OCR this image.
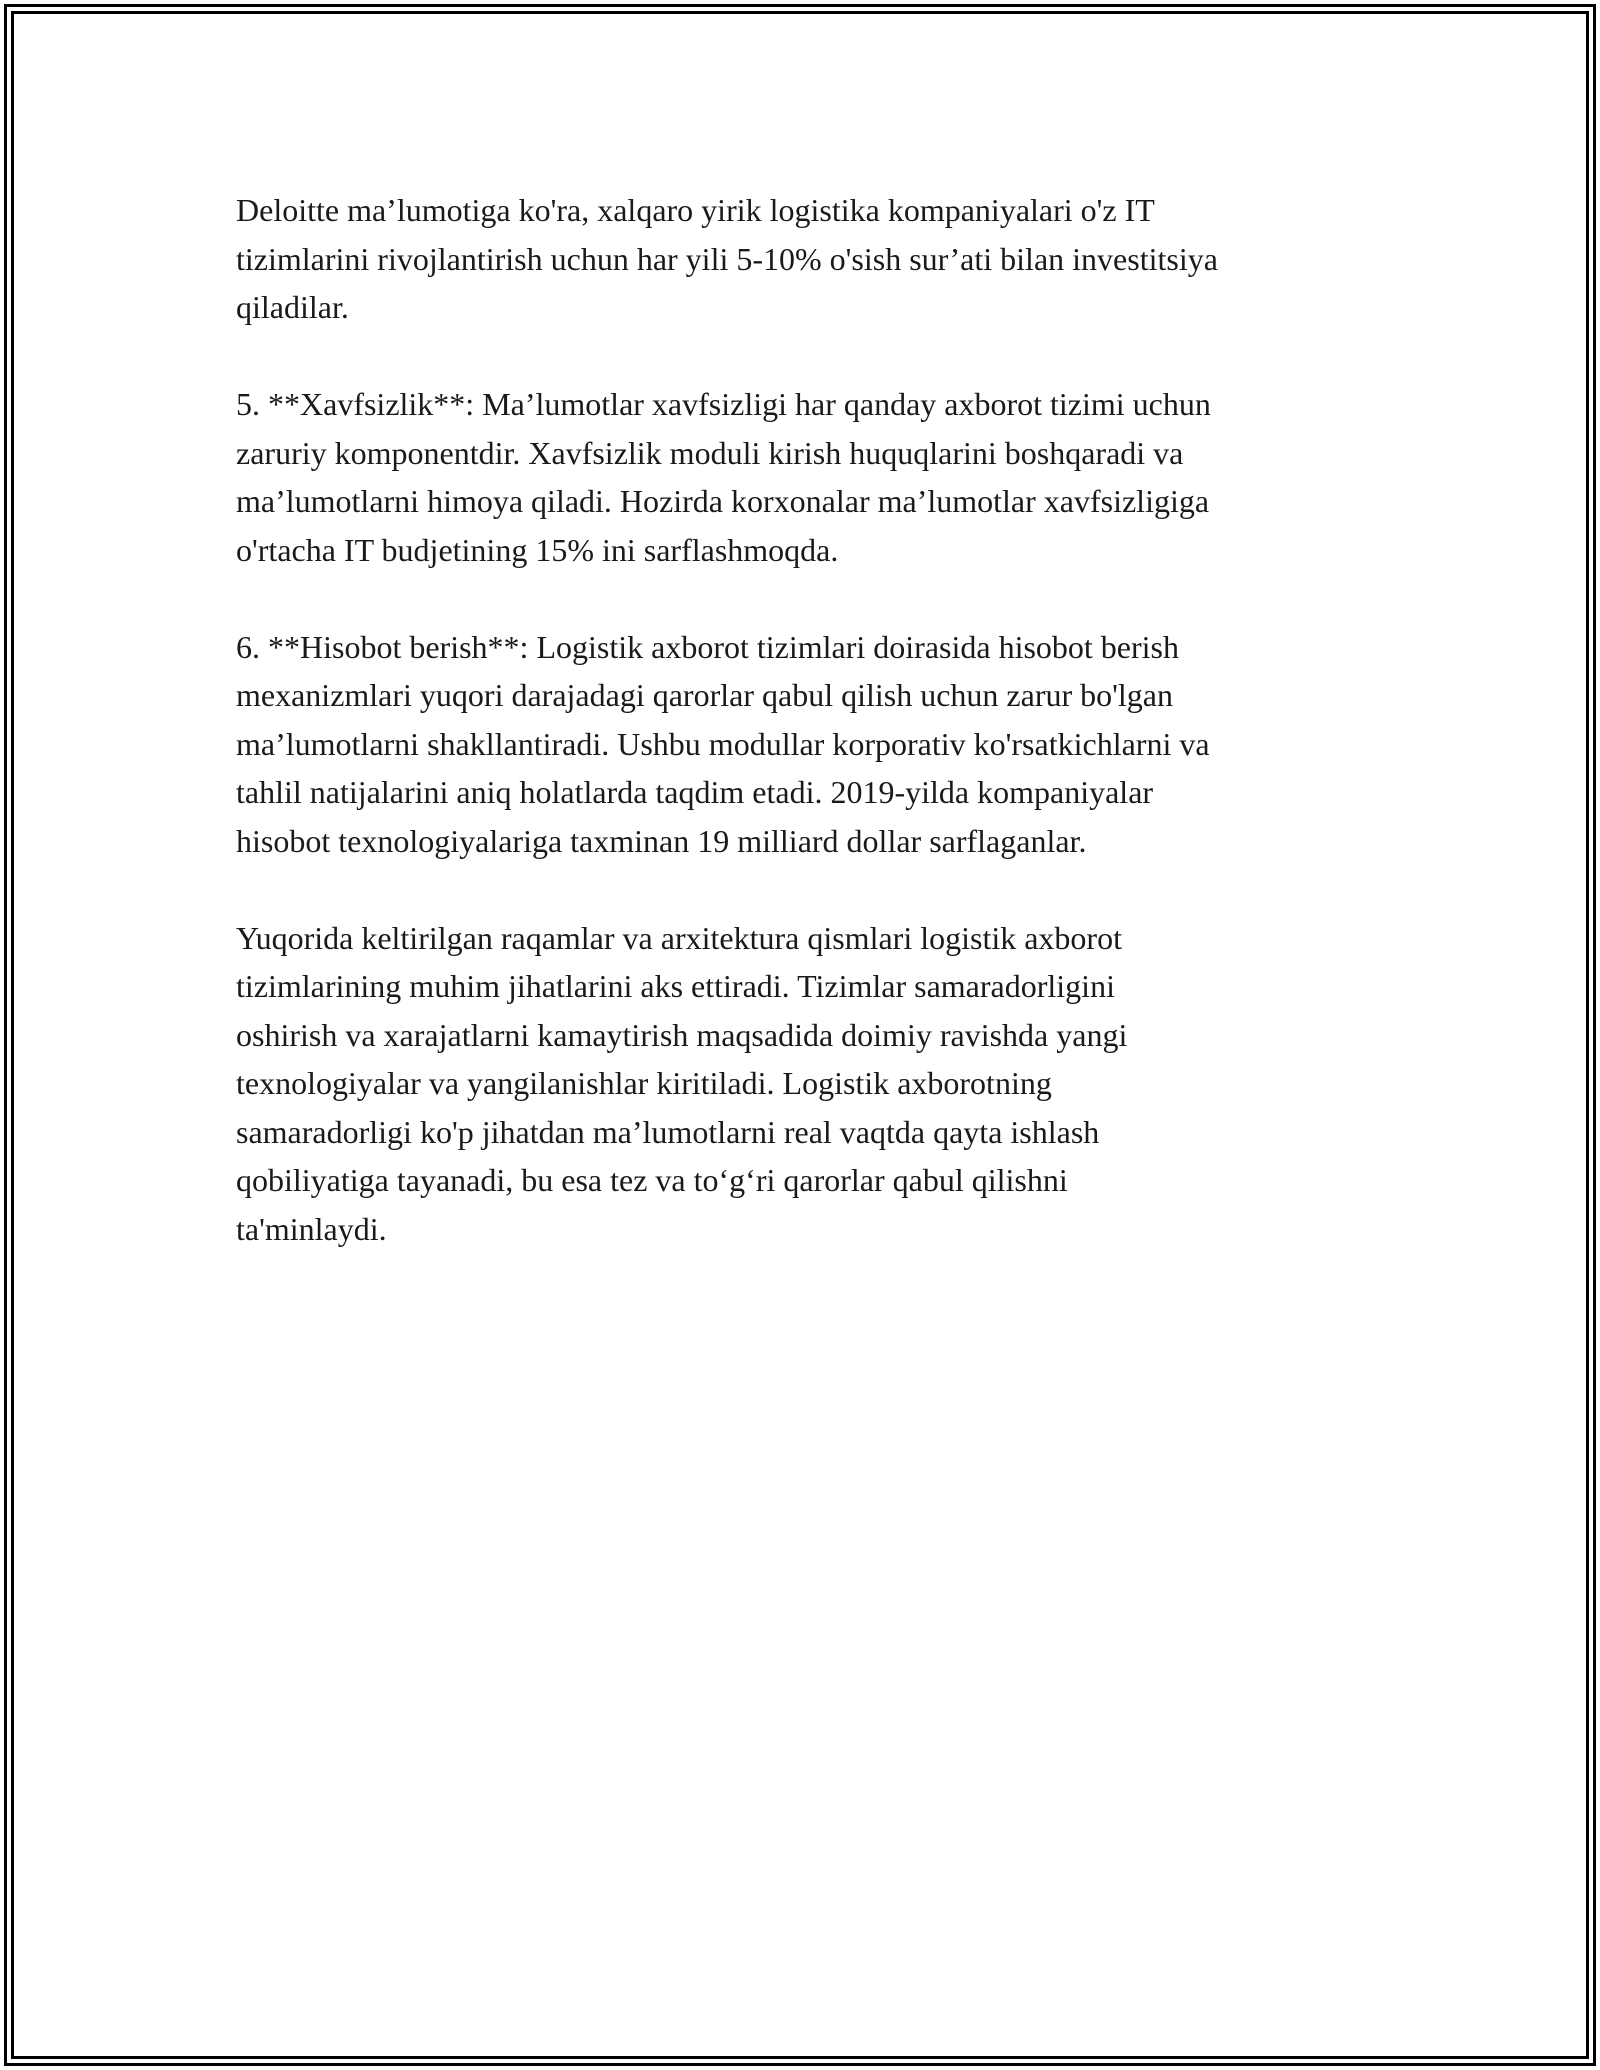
Deloitte ma’lumotiga ko'ra, xalqaro yirik logistika kompaniyalari o'z IT
tizimlarini rivojlantirish uchun har yili 5-10% o'sish sur’ati bilan investitsiya
qiladilar.

5. **Xavfsizlik**: Ma’lumotlar xavfsizligi har qanday axborot tizimi uchun
zaruriy komponentdir. Xavfsizlik moduli kirish huquqlarini boshqaradi va
ma’lumotlarni himoya qiladi. Hozirda korxonalar ma’lumotlar xavfsizligiga
o'rtacha IT budjetining 15% ini sarflashmoqda.

6. **Hisobot berish**: Logistik axborot tizimlari doirasida hisobot berish
mexanizmlari yuqori darajadagi qarorlar qabul qilish uchun zarur bo'lgan
ma’lumotlarni shakllantiradi. Ushbu modullar korporativ ko'rsatkichlarni va
tahlil natijalarini aniq holatlarda taqdim etadi. 2019-yilda kompaniyalar
hisobot texnologiyalariga taxminan 19 milliard dollar sarflaganlar.

Yuqorida keltirilgan raqamlar va arxitektura qismlari logistik axborot
tizimlarining muhim jihatlarini aks ettiradi. Tizimlar samaradorligini
oshirish va xarajatlarni kamaytirish maqsadida doimiy ravishda yangi
texnologiyalar va yangilanishlar kiritiladi. Logistik axborotning
samaradorligi ko'p jihatdan ma’lumotlarni real vaqtda qayta ishlash
qobiliyatiga tayanadi, bu esa tez va to‘g‘ri qarorlar qabul qilishni
ta'minlaydi.
